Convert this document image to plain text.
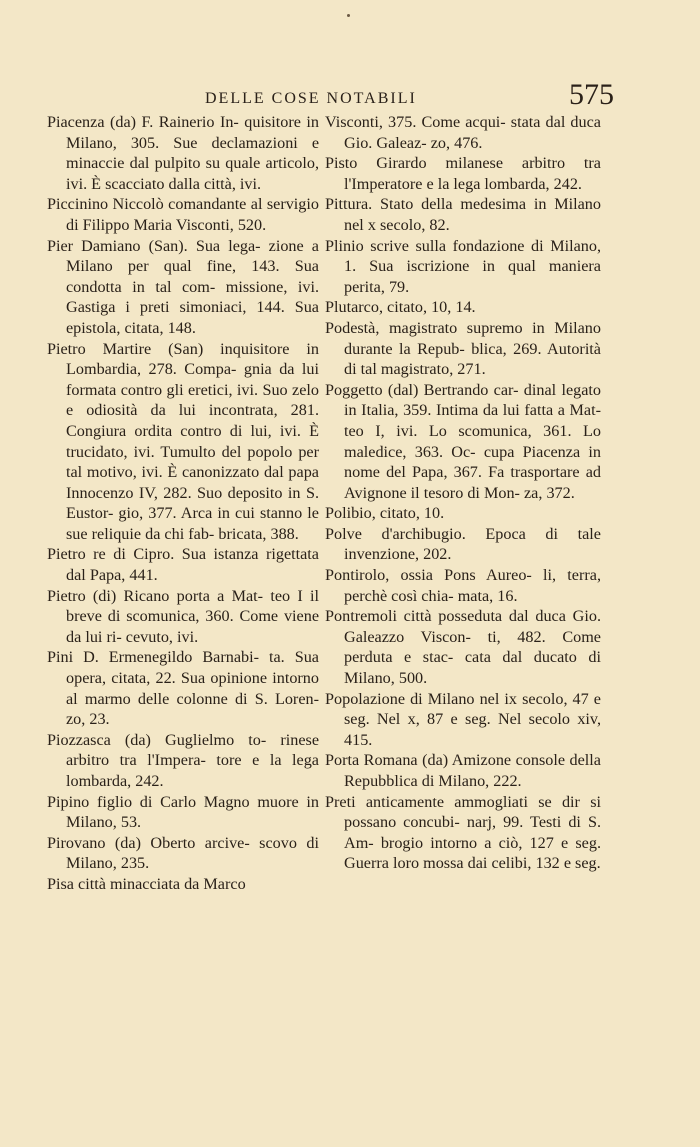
DELLE COSE NOTABILI	575

Piacenza (da) F. Rainerio In- quisitore in Milano, 305. Sue declamazioni e minaccie dal pulpito su quale articolo, ivi. È scacciato dalla città, ivi.

Piccinino Niccolò comandante al servigio di Filippo Maria Visconti, 520.

Pier Damiano (San). Sua lega- zione a Milano per qual fine, 143. Sua condotta in tal com- missione, ivi. Gastiga i preti simoniaci, 144. Sua epistola, citata, 148.

Pietro Martire (San) inquisitore in Lombardia, 278. Compa- gnia da lui formata contro gli eretici, ivi. Suo zelo e odiosità da lui incontrata, 281. Congiura ordita contro di lui, ivi. È trucidato, ivi. Tumulto del popolo per tal motivo, ivi. È canonizzato dal papa Innocenzo IV, 282. Suo deposito in S. Eustor- gio, 377. Arca in cui stanno le sue reliquie da chi fab- bricata, 388.

Pietro re di Cipro. Sua istanza rigettata dal Papa, 441.

Pietro (di) Ricano porta a Mat- teo I il breve di scomunica, 360. Come viene da lui ri- cevuto, ivi.

Pini D. Ermenegildo Barnabi- ta. Sua opera, citata, 22. Sua opinione intorno al marmo delle colonne di S. Loren- zo, 23.

Piozzasca (da) Guglielmo to- rinese arbitro tra l'Impera- tore e la lega lombarda, 242.

Pipino figlio di Carlo Magno muore in Milano, 53.

Pirovano (da) Oberto arcive- scovo di Milano, 235.

Pisa città minacciata da Marco

Visconti, 375. Come acqui- stata dal duca Gio. Galeaz- zo, 476.

Pisto Girardo milanese arbitro tra l'Imperatore e la lega lombarda, 242.

Pittura. Stato della medesima in Milano nel x secolo, 82.

Plinio scrive sulla fondazione di Milano, 1. Sua iscrizione in qual maniera perita, 79.

Plutarco, citato, 10, 14.

Podestà, magistrato supremo in Milano durante la Repub- blica, 269. Autorità di tal magistrato, 271.

Poggetto (dal) Bertrando car- dinal legato in Italia, 359. Intima da lui fatta a Mat- teo I, ivi. Lo scomunica, 361. Lo maledice, 363. Oc- cupa Piacenza in nome del Papa, 367. Fa trasportare ad Avignone il tesoro di Mon- za, 372.

Polibio, citato, 10.

Polve d'archibugio. Epoca di tale invenzione, 202.

Pontirolo, ossia Pons Aureo- li, terra, perchè così chia- mata, 16.

Pontremoli città posseduta dal duca Gio. Galeazzo Viscon- ti, 482. Come perduta e stac- cata dal ducato di Milano, 500.

Popolazione di Milano nel ix secolo, 47 e seg. Nel x, 87 e seg. Nel secolo xiv, 415.

Porta Romana (da) Amizone console della Repubblica di Milano, 222.

Preti anticamente ammogliati se dir si possano concubi- narj, 99. Testi di S. Am- brogio intorno a ciò, 127 e seg. Guerra loro mossa dai celibi, 132 e seg.
